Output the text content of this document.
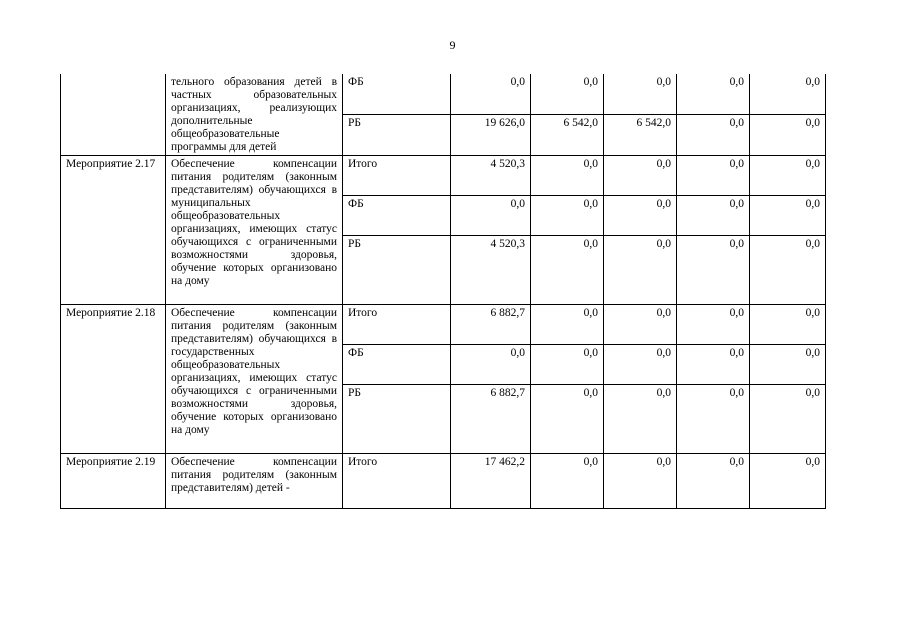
9
	тельного образования детей в частных образовательных организациях, реализующих дополнительные общеобразовательные программы для детей	ФБ	0,0	0,0	0,0	0,0	0,0
		РБ	19 626,0	6 542,0	6 542,0	0,0	0,0
Мероприятие 2.17	Обеспечение компенсации питания родителям (законным представителям) обучающихся в муниципальных общеобразовательных организациях, имеющих статус обучающихся с ограниченными возможностями здоровья, обучение которых организовано на дому	Итого	4 520,3	0,0	0,0	0,0	0,0
		ФБ	0,0	0,0	0,0	0,0	0,0
		РБ	4 520,3	0,0	0,0	0,0	0,0
Мероприятие 2.18	Обеспечение компенсации питания родителям (законным представителям) обучающихся в государственных общеобразовательных организациях, имеющих статус обучающихся с ограниченными возможностями здоровья, обучение которых организовано на дому	Итого	6 882,7	0,0	0,0	0,0	0,0
		ФБ	0,0	0,0	0,0	0,0	0,0
		РБ	6 882,7	0,0	0,0	0,0	0,0
Мероприятие 2.19	Обеспечение компенсации питания родителям (законным представителям) детей -	Итого	17 462,2	0,0	0,0	0,0	0,0
